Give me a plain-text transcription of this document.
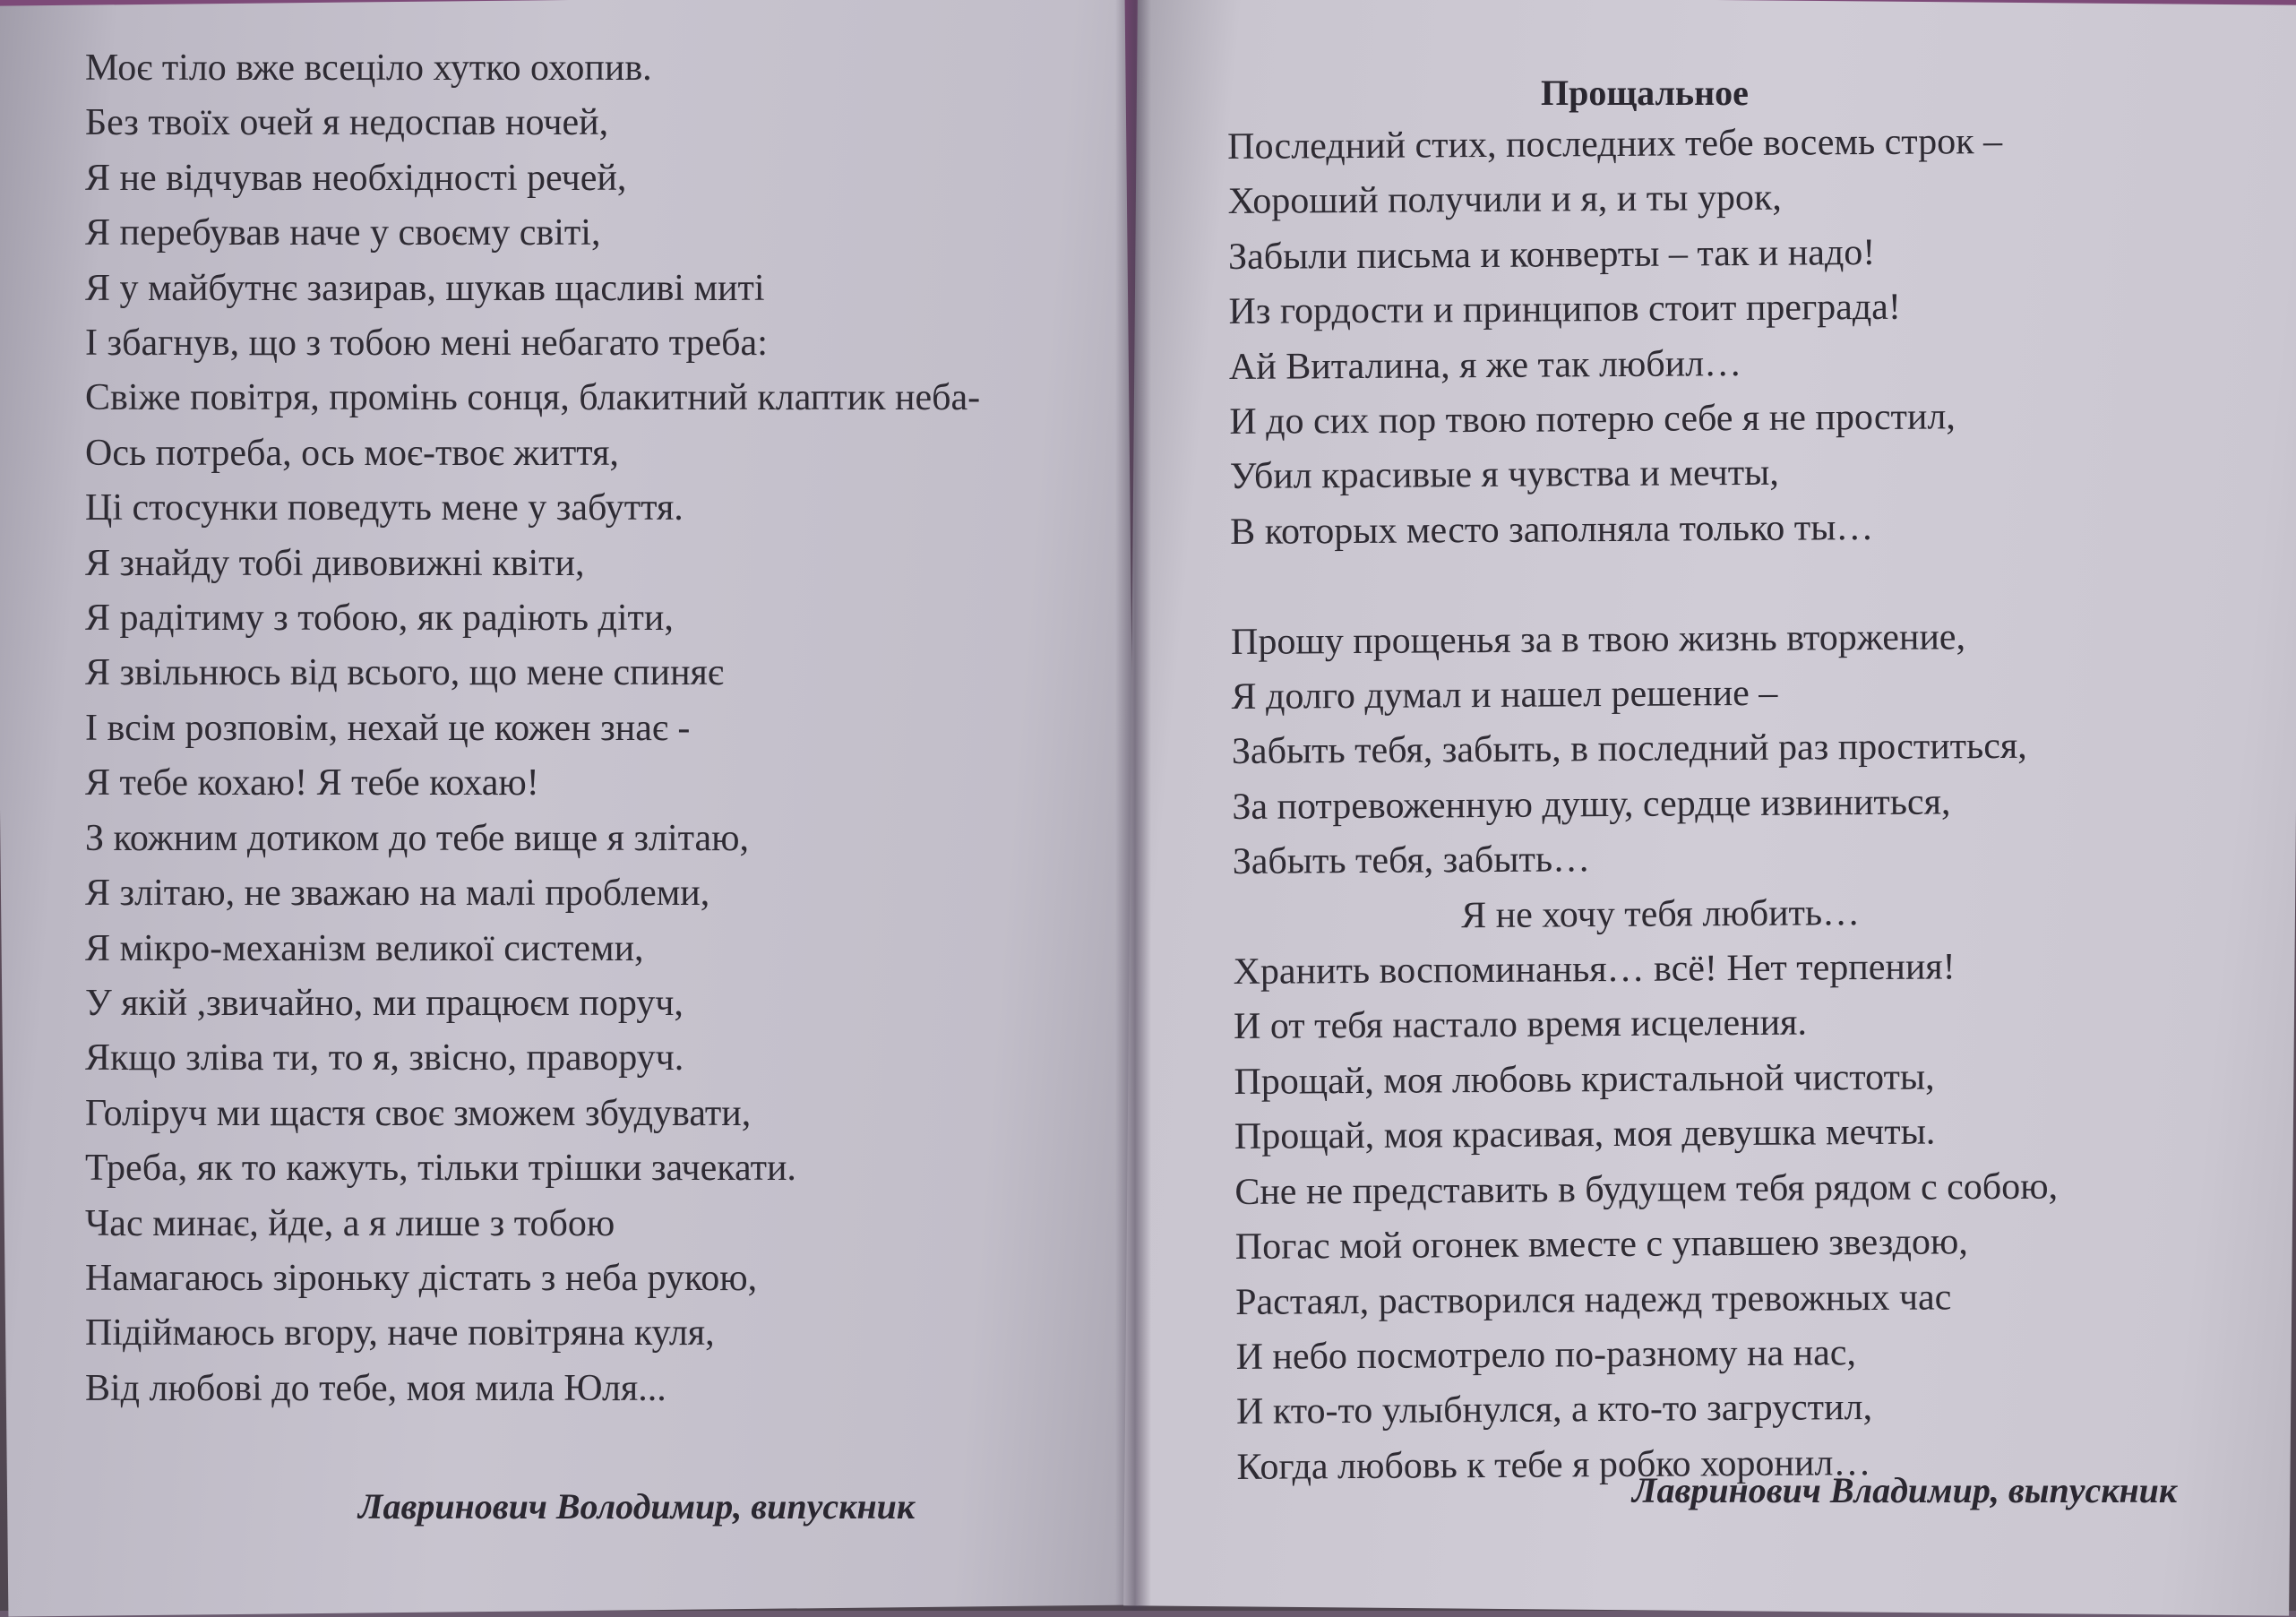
Моє тіло вже всеціло хутко охопив.
Без твоїх очей я недоспав ночей,
Я не відчував необхідності речей,
Я перебував наче у своєму світі,
Я у майбутнє зазирав, шукав щасливі миті
І збагнув, що з тобою мені небагато треба:
Свіже повітря, промінь сонця, блакитний клаптик неба-
Ось потреба, ось моє-твоє життя,
Ці стосунки поведуть мене у забуття.
Я знайду тобі дивовижні квіти,
Я радітиму з тобою, як радіють діти,
Я звільнюсь від всього, що мене спиняє
І всім розповім, нехай це кожен знає -
Я тебе кохаю! Я тебе кохаю!
З кожним дотиком до тебе вище я злітаю,
Я злітаю, не зважаю на малі проблеми,
Я мікро-механізм великої системи,
У якій ,звичайно, ми працюєм поруч,
Якщо зліва ти, то я, звісно, праворуч.
Голіруч ми щастя своє зможем збудувати,
Треба, як то кажуть, тільки трішки зачекати.
Час минає, йде, а я лише з тобою
Намагаюсь зіроньку дістать з неба рукою,
Підіймаюсь вгору, наче повітряна куля,
Від любові до тебе, моя мила Юля...
Лавринович Володимир, випускник
Прощальное
Последний стих, последних тебе восемь строк –
Хороший получили и я, и ты урок,
Забыли письма и конверты – так и надо!
Из гордости и принципов стоит преграда!
Ай Виталина, я же так любил…
И до сих пор твою потерю себе я не простил,
Убил красивые я чувства и мечты,
В которых место заполняла только ты…
Прошу прощенья за в твою жизнь вторжение,
Я долго думал и нашел решение –
Забыть тебя, забыть, в последний раз проститься,
За потревоженную душу, сердце извиниться,
Забыть тебя, забыть…
Я не хочу тебя любить…
Хранить воспоминанья… всё! Нет терпения!
И от тебя настало время исцеления.
Прощай, моя любовь кристальной чистоты,
Прощай, моя красивая, моя девушка мечты.
Сне не представить в будущем тебя рядом с собою,
Погас мой огонек вместе с упавшею звездою,
Растаял, растворился надежд тревожных час
И небо посмотрело по-разному на нас,
И кто-то улыбнулся, а кто-то загрустил,
Когда любовь к тебе я робко хоронил…
Лавринович Владимир, выпускник
